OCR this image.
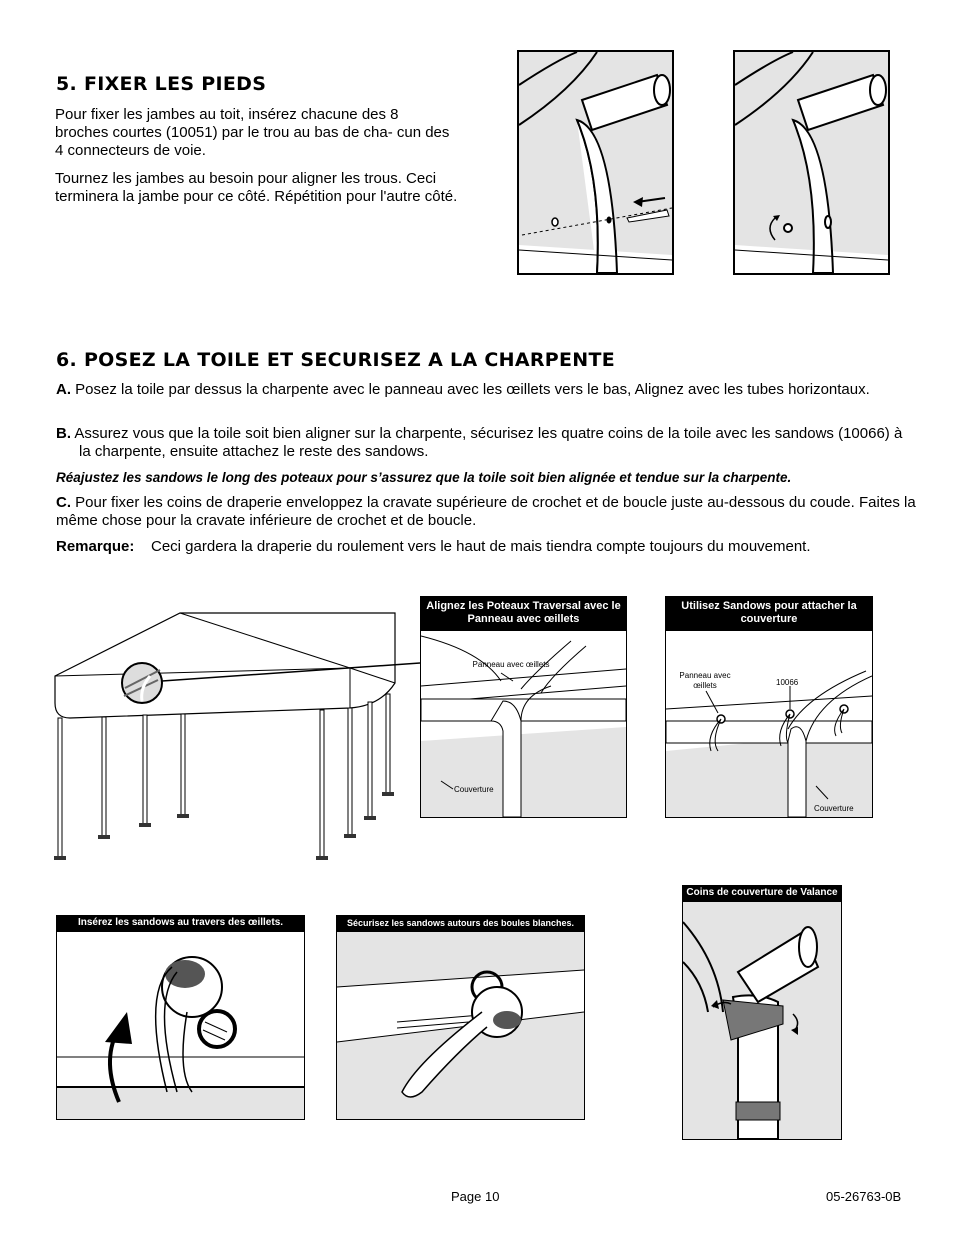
5. FIXER LES PIEDS

Pour fixer les jambes au toit, insérez chacune des 8 broches courtes (10051) par le trou au bas de cha- cun des 4 connecteurs de voie.

Tournez les jambes au besoin pour aligner les trous. Ceci terminera la jambe pour ce côté. Répétition pour l'autre côté.

6. POSEZ LA TOILE ET SECURISEZ A LA CHARPENTE

A. Posez la toile par dessus la charpente avec le panneau avec les œillets vers le bas, Alignez avec les tubes horizontaux.

B. Assurez vous que la toile soit bien aligner sur la charpente, sécurisez les quatre coins de la toile avec les sandows (10066) à la charpente, ensuite attachez le reste des sandows.

Réajustez les sandows le long des poteaux pour s’assurez que la toile soit bien alignée et tendue sur la charpente.

C. Pour fixer les coins de draperie enveloppez la cravate supérieure de crochet et de boucle juste au-dessous du coude. Faites la même chose pour la cravate inférieure de crochet et de boucle.

Remarque: Ceci gardera la draperie du roulement vers le haut de mais tiendra compte toujours du mouvement.

Alignez les Poteaux Traversal avec le Panneau avec œillets
Panneau avec œillets
Couverture
Utilisez Sandows pour attacher la couverture
Panneau avec œillets	10066
Couverture
Insérez les sandows au travers des œillets.	Sécurisez les sandows autours des boules blanches.
Coins de couverture de Valance
Page 10	05-26763-0B
